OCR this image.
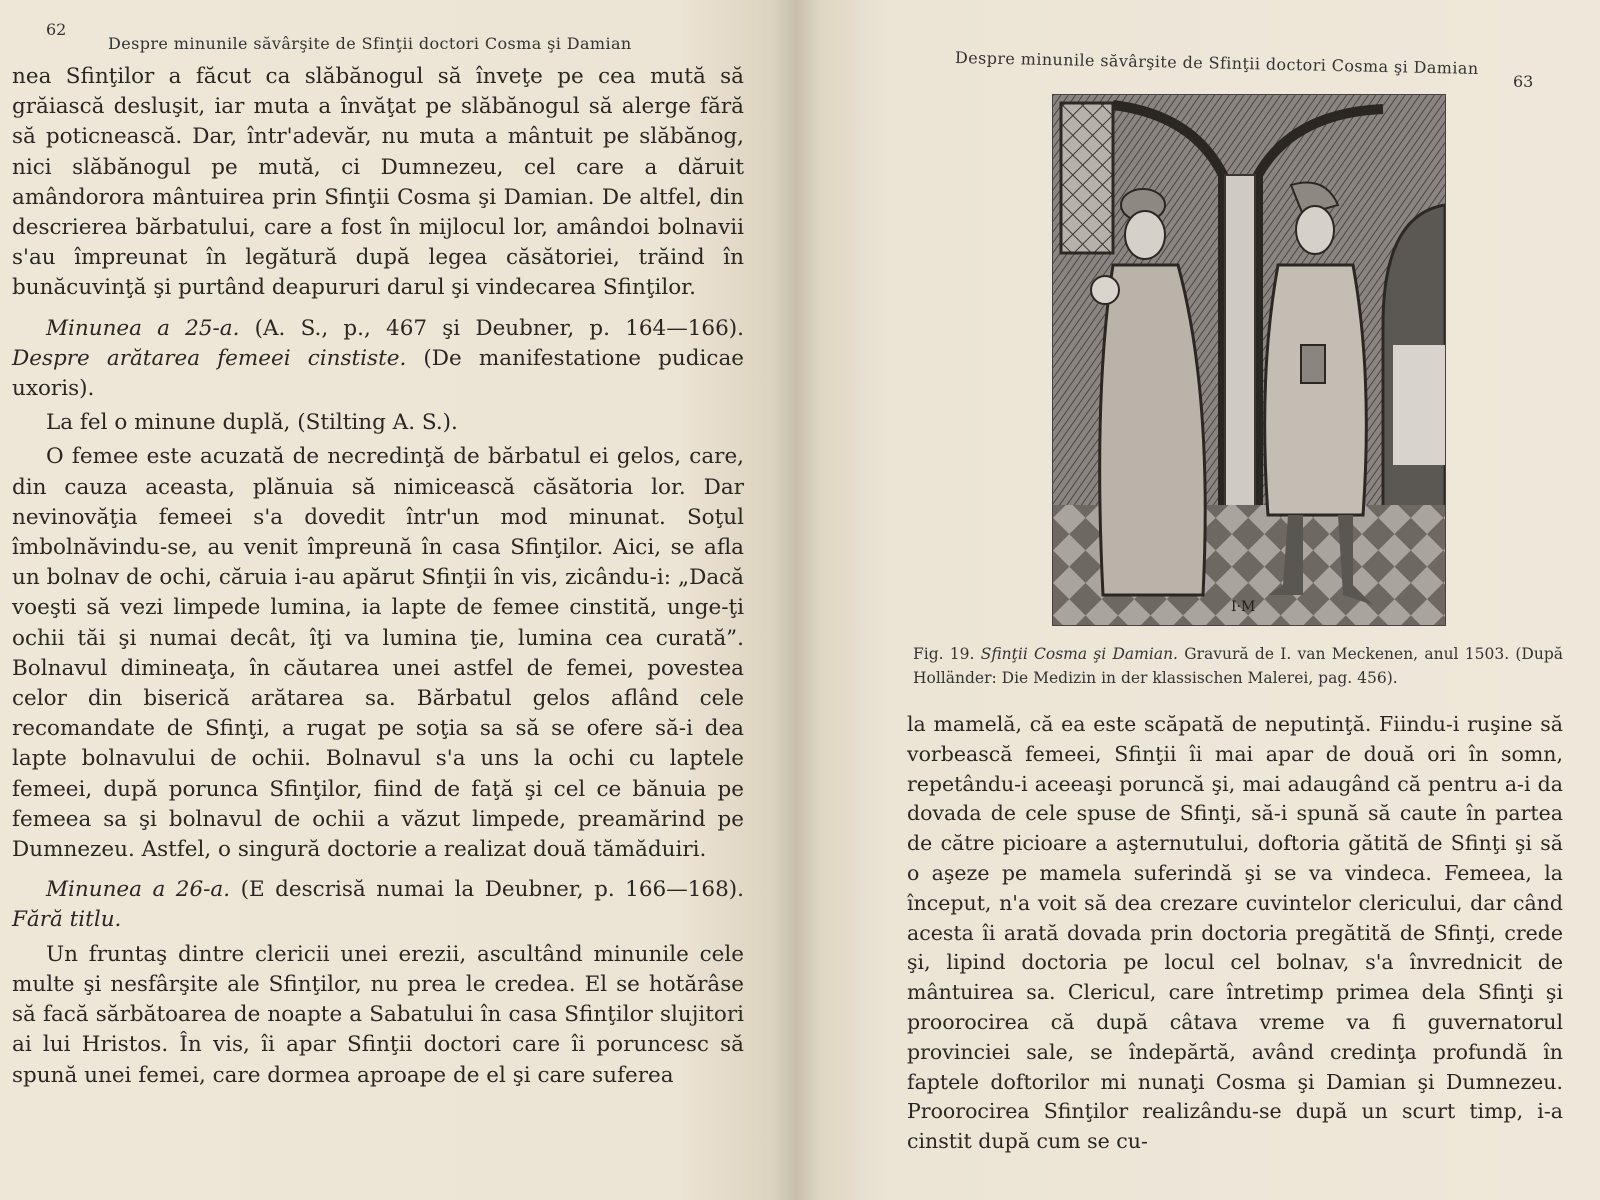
62
Despre minunile săvârşite de Sfinţii doctori Cosma şi Damian

nea Sfinţilor a făcut ca slăbănogul să înveţe pe cea mută să grăiască desluşit, iar muta a învăţat pe slăbănogul să alerge fără să poticnească. Dar, într'adevăr, nu muta a mântuit pe slăbănog, nici slăbănogul pe mută, ci Dumnezeu, cel care a dăruit amândorora mântuirea prin Sfinţii Cosma şi Damian. De altfel, din descrierea bărbatului, care a fost în mijlocul lor, amândoi bolnavii s'au împreunat în legătură după legea căsătoriei, trăind în bunăcuvinţă şi purtând deapururi darul şi vindecarea Sfinţilor.

Minunea a 25-a. (A. S., p., 467 şi Deubner, p. 164—166). Despre arătarea femeei cinstiste. (De manifestatione pudicae uxoris).

La fel o minune duplă, (Stilting A. S.).

O femee este acuzată de necredinţă de bărbatul ei gelos, care, din cauza aceasta, plănuia să nimicească căsătoria lor. Dar nevinovăţia femeei s'a dovedit într'un mod minunat. Soţul îmbolnăvindu-se, au venit împreună în casa Sfinţilor. Aici, se afla un bolnav de ochi, căruia i-au apărut Sfinţii în vis, zicându-i: „Dacă voeşti să vezi limpede lumina, ia lapte de femee cinstită, unge-ţi ochii tăi şi numai decât, îţi va lumina ţie, lumina cea curată”. Bolnavul dimineaţa, în căutarea unei astfel de femei, povestea celor din biserică arătarea sa. Bărbatul gelos aflând cele recomandate de Sfinţi, a rugat pe soţia sa să se ofere să-i dea lapte bolnavului de ochii. Bolnavul s'a uns la ochi cu laptele femeei, după porunca Sfinţilor, fiind de faţă şi cel ce bănuia pe femeea sa şi bolnavul de ochii a văzut limpede, preamărind pe Dumnezeu. Astfel, o singură doctorie a realizat două tămăduiri.

Minunea a 26-a. (E descrisă numai la Deubner, p. 166—168). Fără titlu.

Un fruntaş dintre clericii unei erezii, ascultând minunile cele multe şi nesfârşite ale Sfinţilor, nu prea le credea. El se hotărâse să facă sărbătoarea de noapte a Sabatului în casa Sfinţilor slujitori ai lui Hristos. În vis, îi apar Sfinţii doctori care îi poruncesc să spună unei femei, care dormea aproape de el şi care suferea

Despre minunile săvârşite de Sfinţii doctori Cosma şi Damian
63
I·M
Fig. 19. Sfinţii Cosma şi Damian. Gravură de I. van Meckenen, anul 1503. (După Holländer: Die Medizin in der klassischen Malerei, pag. 456).

la mamelă, că ea este scăpată de neputinţă. Fiindu-i ruşine să vorbească femeei, Sfinţii îi mai apar de două ori în somn, repetându-i aceeaşi poruncă şi, mai adaugând că pentru a-i da dovada de cele spuse de Sfinţi, să-i spună să caute în partea de către picioare a aşternutului, doftoria gătită de Sfinţi şi să o aşeze pe mamela suferindă şi se va vindeca. Femeea, la început, n'a voit să dea crezare cuvintelor clericului, dar când acesta îi arată dovada prin doctoria pregătită de Sfinţi, crede şi, lipind doctoria pe locul cel bolnav, s'a învrednicit de mântuirea sa. Clericul, care întretimp primea dela Sfinţi şi proorocirea că după câtava vreme va fi guvernatorul provinciei sale, se îndepărtă, având credinţa profundă în faptele doftorilor mi nunaţi Cosma şi Damian şi Dumnezeu. Proorocirea Sfinţilor realizându-se după un scurt timp, i-a cinstit după cum se cu-
